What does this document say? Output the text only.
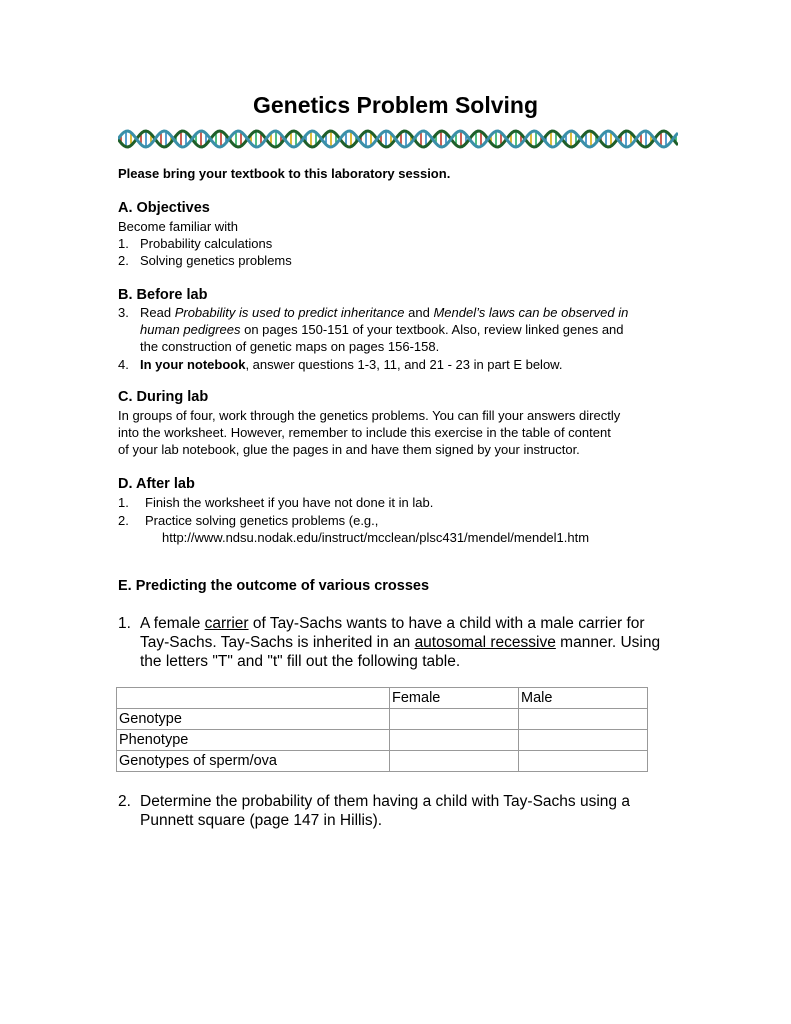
Genetics Problem Solving
Please bring your textbook to this laboratory session.
A. Objectives
Become familiar with
1. Probability calculations
2. Solving genetics problems
B. Before lab
3. Read Probability is used to predict inheritance and Mendel’s laws can be observed in
human pedigrees on pages 150-151 of your textbook. Also, review linked genes and
the construction of genetic maps on pages 156-158.
4. In your notebook, answer questions 1-3, 11, and 21 - 23 in part E below.
C. During lab
In groups of four, work through the genetics problems. You can fill your answers directly
into the worksheet. However, remember to include this exercise in the table of content
of your lab notebook, glue the pages in and have them signed by your instructor.
D. After lab
1. Finish the worksheet if you have not done it in lab.
2. Practice solving genetics problems (e.g.,
http://www.ndsu.nodak.edu/instruct/mcclean/plsc431/mendel/mendel1.htm
E. Predicting the outcome of various crosses
1. A female carrier of Tay-Sachs wants to have a child with a male carrier for
Tay-Sachs. Tay-Sachs is inherited in an autosomal recessive manner. Using
the letters "T" and "t" fill out the following table.
	Female	Male
Genotype		
Phenotype		
Genotypes of sperm/ova		
2. Determine the probability of them having a child with Tay-Sachs using a
Punnett square (page 147 in Hillis).
